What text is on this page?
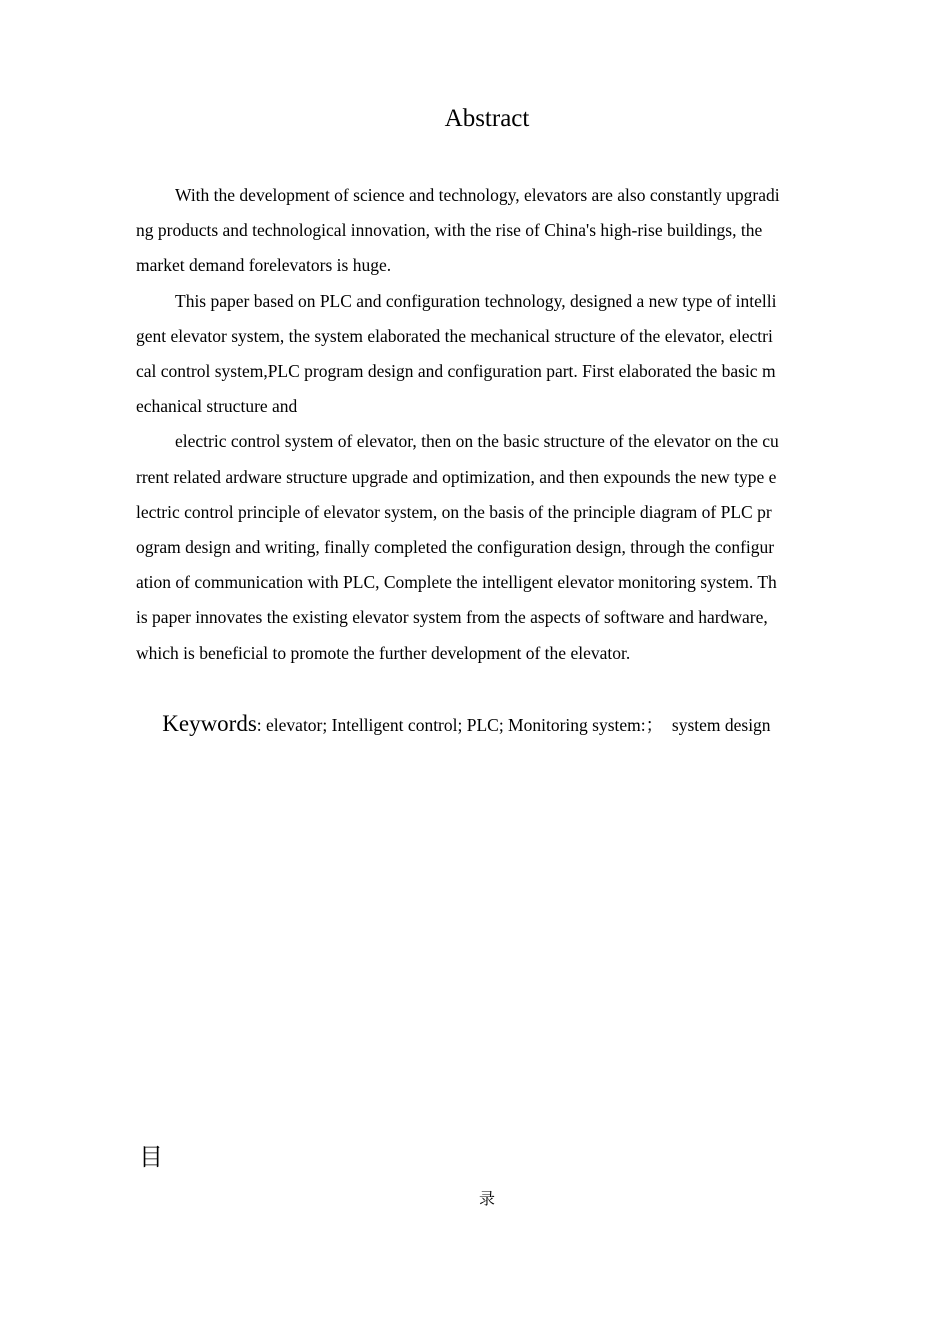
Abstract
With the development of science and technology, elevators are also constantly upgradi
ng products and technological innovation, with the rise of China's high-rise buildings, the
market demand forelevators is huge.
This paper based on PLC and configuration technology, designed a new type of intelli
gent elevator system, the system elaborated the mechanical structure of the elevator, electri
cal control system,PLC program design and configuration part. First elaborated the basic m
echanical structure and
electric control system of elevator, then on the basic structure of the elevator on the cu
rrent related ardware structure upgrade and optimization, and then expounds the new type e
lectric control principle of elevator system, on the basis of the principle diagram of PLC pr
ogram design and writing, finally completed the configuration design, through the configur
ation of communication with PLC, Complete the intelligent elevator monitoring system. Th
is paper innovates the existing elevator system from the aspects of software and hardware,
which is beneficial to promote the further development of the elevator.

Keywords: elevator; Intelligent control; PLC; Monitoring system:；  system design

目
录
